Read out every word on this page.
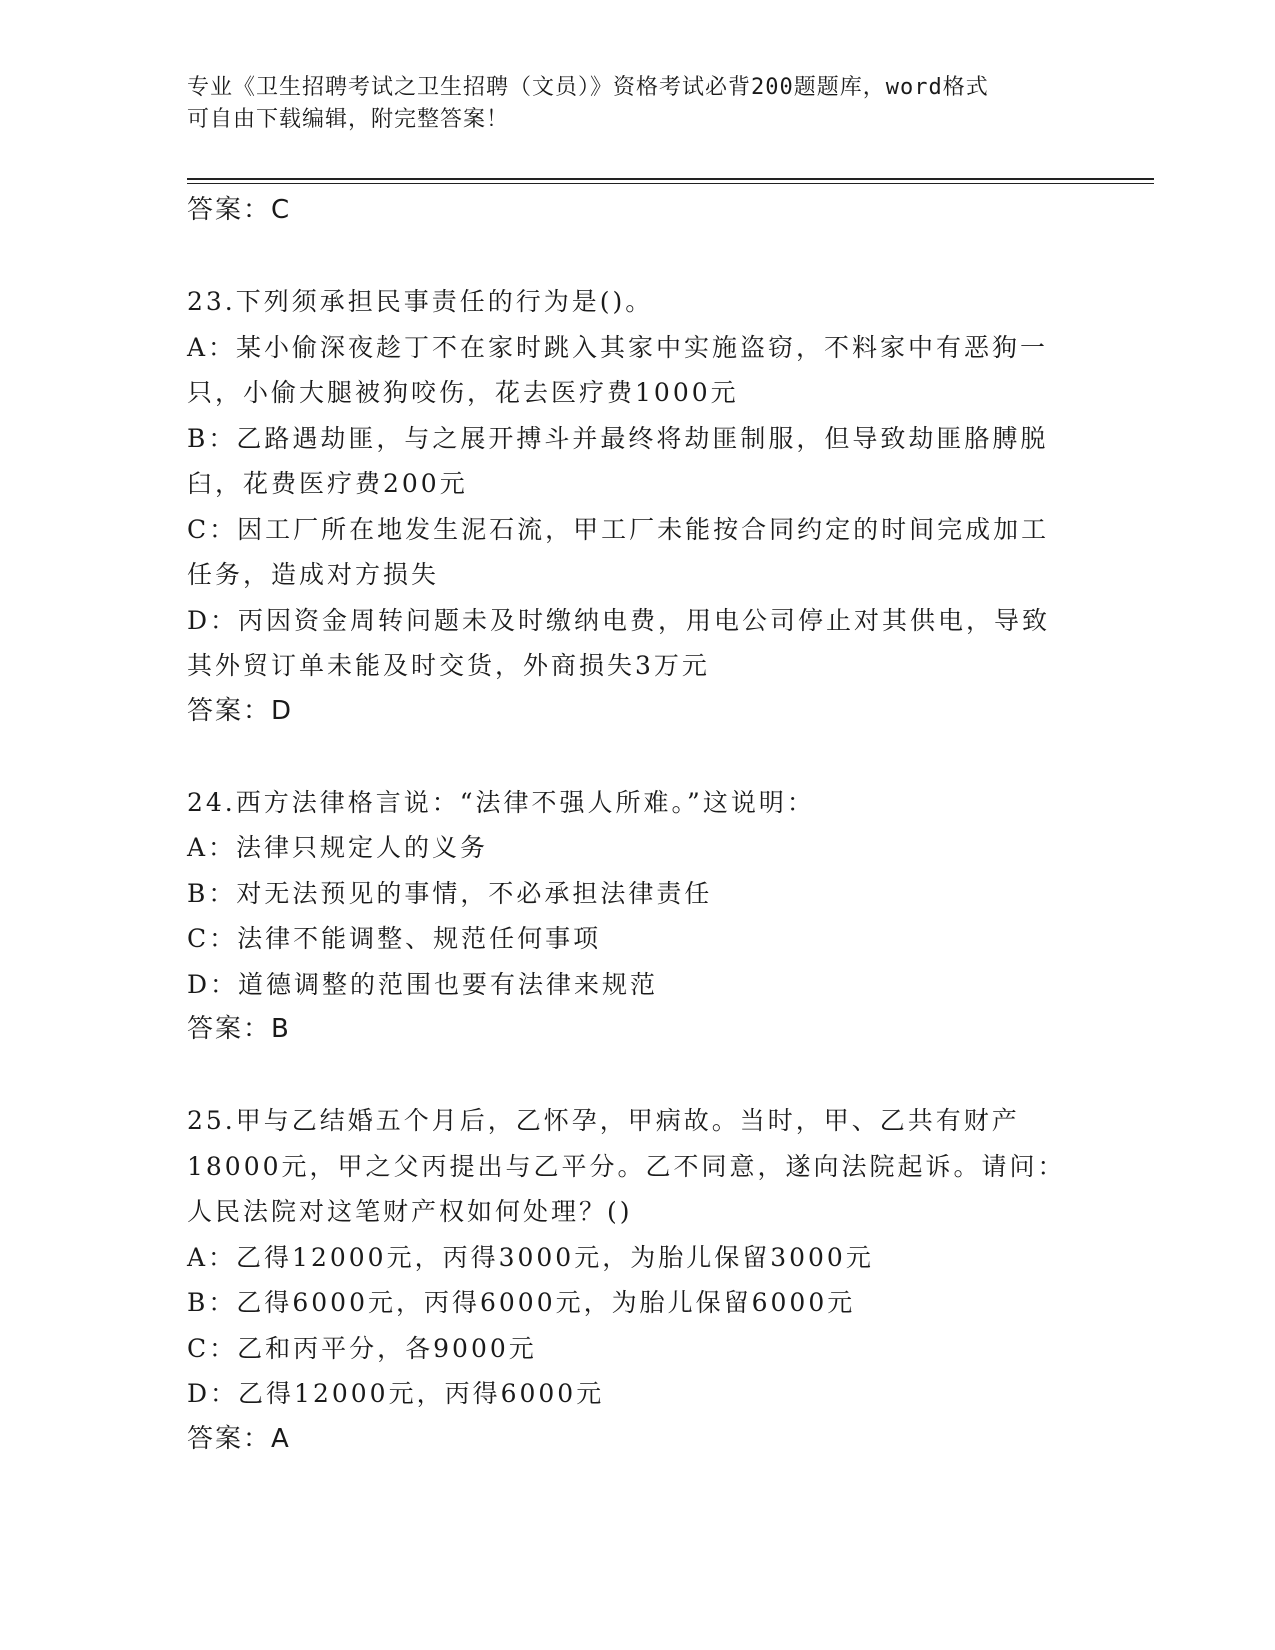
专业《卫生招聘考试之卫生招聘（文员）》资格考试必背200题题库，word格式
可自由下载编辑，附完整答案！
答案：C
23.下列须承担民事责任的行为是()。
A：某小偷深夜趁丁不在家时跳入其家中实施盗窃，不料家中有恶狗一
只，小偷大腿被狗咬伤，花去医疗费1000元
B：乙路遇劫匪，与之展开搏斗并最终将劫匪制服，但导致劫匪胳膊脱
臼，花费医疗费200元
C：因工厂所在地发生泥石流，甲工厂未能按合同约定的时间完成加工
任务，造成对方损失
D：丙因资金周转问题未及时缴纳电费，用电公司停止对其供电，导致
其外贸订单未能及时交货，外商损失3万元
答案：D
24.西方法律格言说：“法律不强人所难。”这说明：
A：法律只规定人的义务
B：对无法预见的事情，不必承担法律责任
C：法律不能调整、规范任何事项
D：道德调整的范围也要有法律来规范
答案：B
25.甲与乙结婚五个月后，乙怀孕，甲病故。当时，甲、乙共有财产
18000元，甲之父丙提出与乙平分。乙不同意，遂向法院起诉。请问：
人民法院对这笔财产权如何处理？()
A：乙得12000元，丙得3000元，为胎儿保留3000元
B：乙得6000元，丙得6000元，为胎儿保留6000元
C：乙和丙平分，各9000元
D：乙得12000元，丙得6000元
答案：A
